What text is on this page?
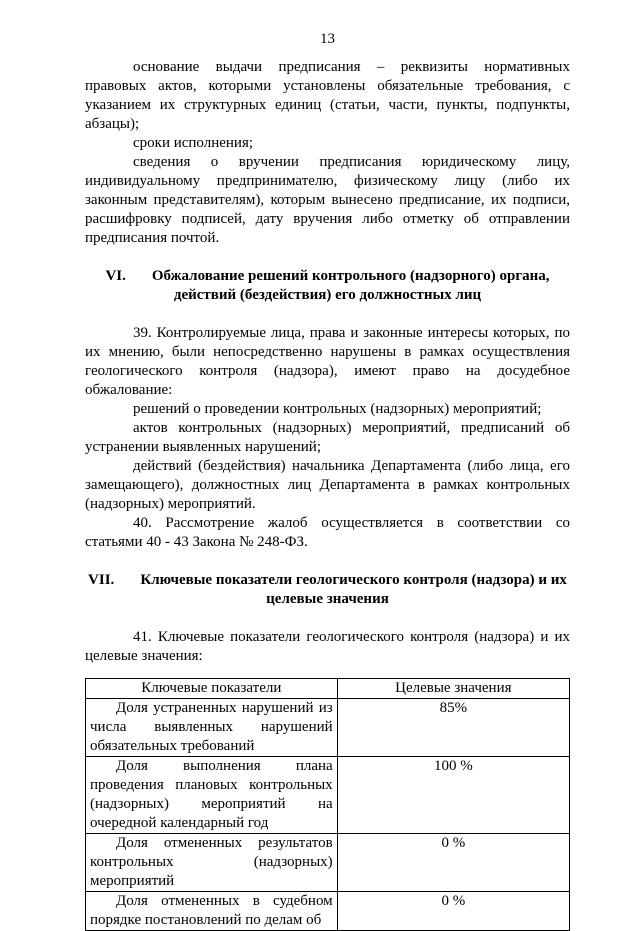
13

основание выдачи предписания – реквизиты нормативных правовых актов, которыми установлены обязательные требования, с указанием их структурных единиц (статьи, части, пункты, подпункты, абзацы);

сроки исполнения;

сведения о вручении предписания юридическому лицу, индивидуальному предпринимателю, физическому лицу (либо их законным представителям), которым вынесено предписание, их подписи, расшифровку подписей, дату вручения либо отметку об отправлении предписания почтой.

VI. Обжалование решений контрольного (надзорного) органа, действий (бездействия) его должностных лиц

39. Контролируемые лица, права и законные интересы которых, по их мнению, были непосредственно нарушены в рамках осуществления геологического контроля (надзора), имеют право на досудебное обжалование:

решений о проведении контрольных (надзорных) мероприятий;

актов контрольных (надзорных) мероприятий, предписаний об устранении выявленных нарушений;

действий (бездействия) начальника Департамента (либо лица, его замещающего), должностных лиц Департамента в рамках контрольных (надзорных) мероприятий.

40. Рассмотрение жалоб осуществляется в соответствии со статьями 40 - 43 Закона № 248-ФЗ.

VII. Ключевые показатели геологического контроля (надзора) и их целевые значения

41. Ключевые показатели геологического контроля (надзора) и их целевые значения:

Ключевые показатели	Целевые значения
Доля устраненных нарушений из числа выявленных нарушений обязательных требований	85%
Доля выполнения плана проведения плановых контрольных (надзорных) мероприятий на очередной календарный год	100 %
Доля отмененных результатов контрольных (надзорных) мероприятий	0 %
Доля отмененных в судебном порядке постановлений по делам об	0 %
